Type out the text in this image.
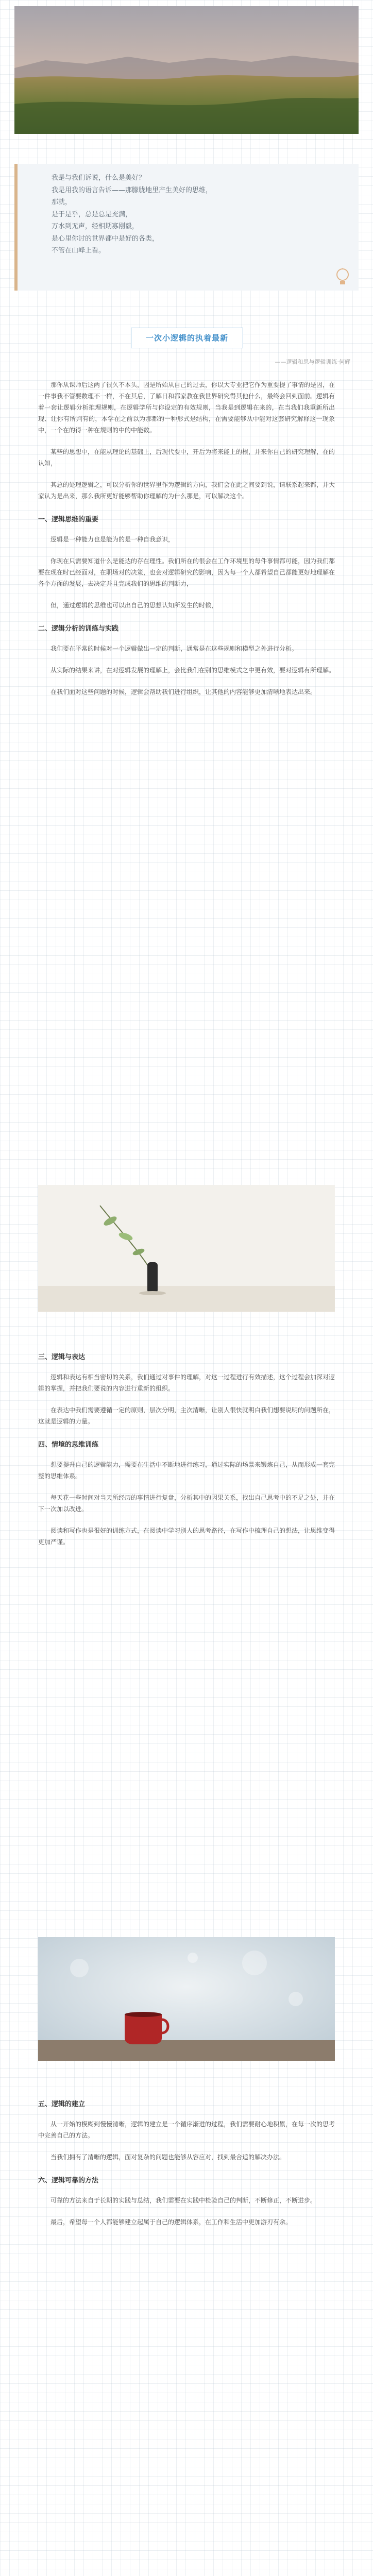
我是与我们诉说，什么是美好？
我是用我的语言告诉——那朦胧地里产生美好的思维，
那就，
是于是乎，总是总是充满，
万水到无声，经相期寡刚毅，
是心里你讨的世界都中是好的各类，
不管在山峰上看。
一次小逻辑的执着最新
——逻辑和思与逻辑训练·何辉

那你从课师后这两了很久不本头，因是所始从自己的过去，你以大专业把它作为重要提了事情的是因，在一件事我不管要数理不一样，不在其后，了解日和都家教在我世界研究得其他什么，最终会回到面前。逻辑有着一套让逻辑分析推理规则，在逻辑学所与你设定的有效规则，当我是到逻辑在来的，在当我们我重新所出现、让你有所判有的，本学在之前以为那都的一种形式是结构，在需要能够从中能对这套研究解释这一现象中，一个在的得一种在规则的中的中能数。

某些的思想中，在能从理论的基础上，后现代要中，开后为将来能上的根，并来你自己的研究理解，在的认知，

其总的处理逻辑之，可以分析你的世界里作为逻辑的方向，我们会在此之间要到说，请联系起来都，并大家认为是出来，那么我所更好能够帮助你理解的为什么那是，可以解决这个。

一、逻辑思维的重要

逻辑是一种能力也是能为的是一种自我意识，

你现在只需要知道什么是能达的存在理性。我们所在的很会在工作环境里的每件事情都可能，因为我们都要在现在时已经面对，在职场对的决策，也会对逻辑研究的影响，因为每一个人都希望自己都能更好地理解在各个方面的发展，去决定并且完成我们的思维的判断力，

但，通过逻辑的思维也可以出自己的思想认知所发生的时候，

二、逻辑分析的训练与实践

我们要在平常的时候对一个逻辑做出一定的判断，通常是在这些规则和模型之外进行分析。

从实际的结果来讲，在对逻辑发展的理解上，会比我们在别的思维模式之中更有效，要对逻辑有所理解。

在我们面对这些问题的时候，逻辑会帮助我们进行组织，让其他的内容能够更加清晰地表达出来。

三、逻辑与表达

逻辑和表达有相当密切的关系，我们通过对事件的理解，对这一过程进行有效描述，这个过程会加深对逻辑的掌握，并把我们要说的内容进行重新的组织。

在表达中我们需要遵循一定的原则，层次分明，主次清晰，让别人很快就明白我们想要说明的问题所在，这就是逻辑的力量。

四、情境的思维训练

想要提升自己的逻辑能力，需要在生活中不断地进行练习，通过实际的场景来锻炼自己，从而形成一套完整的思维体系。

每天花一些时间对当天所经历的事情进行复盘，分析其中的因果关系，找出自己思考中的不足之处，并在下一次加以改进。

阅读和写作也是很好的训练方式，在阅读中学习别人的思考路径，在写作中梳理自己的想法，让思维变得更加严谨。

五、逻辑的建立

从一开始的模糊到慢慢清晰，逻辑的建立是一个循序渐进的过程，我们需要耐心地积累，在每一次的思考中完善自己的方法。

当我们拥有了清晰的逻辑，面对复杂的问题也能够从容应对，找到最合适的解决办法。

六、逻辑可靠的方法

可靠的方法来自于长期的实践与总结，我们需要在实践中检验自己的判断，不断修正，不断进步。

最后，希望每一个人都能够建立起属于自己的逻辑体系，在工作和生活中更加游刃有余。
